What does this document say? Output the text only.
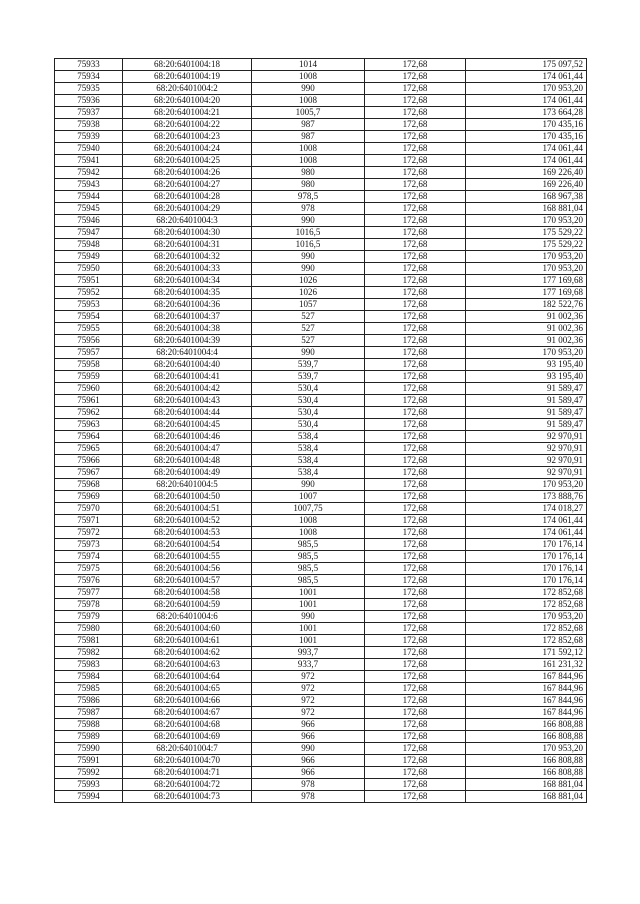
75933	68:20:6401004:18	1014	172,68	175 097,52
75934	68:20:6401004:19	1008	172,68	174 061,44
75935	68:20:6401004:2	990	172,68	170 953,20
75936	68:20:6401004:20	1008	172,68	174 061,44
75937	68:20:6401004:21	1005,7	172,68	173 664,28
75938	68:20:6401004:22	987	172,68	170 435,16
75939	68:20:6401004:23	987	172,68	170 435,16
75940	68:20:6401004:24	1008	172,68	174 061,44
75941	68:20:6401004:25	1008	172,68	174 061,44
75942	68:20:6401004:26	980	172,68	169 226,40
75943	68:20:6401004:27	980	172,68	169 226,40
75944	68:20:6401004:28	978,5	172,68	168 967,38
75945	68:20:6401004:29	978	172,68	168 881,04
75946	68:20:6401004:3	990	172,68	170 953,20
75947	68:20:6401004:30	1016,5	172,68	175 529,22
75948	68:20:6401004:31	1016,5	172,68	175 529,22
75949	68:20:6401004:32	990	172,68	170 953,20
75950	68:20:6401004:33	990	172,68	170 953,20
75951	68:20:6401004:34	1026	172,68	177 169,68
75952	68:20:6401004:35	1026	172,68	177 169,68
75953	68:20:6401004:36	1057	172,68	182 522,76
75954	68:20:6401004:37	527	172,68	91 002,36
75955	68:20:6401004:38	527	172,68	91 002,36
75956	68:20:6401004:39	527	172,68	91 002,36
75957	68:20:6401004:4	990	172,68	170 953,20
75958	68:20:6401004:40	539,7	172,68	93 195,40
75959	68:20:6401004:41	539,7	172,68	93 195,40
75960	68:20:6401004:42	530,4	172,68	91 589,47
75961	68:20:6401004:43	530,4	172,68	91 589,47
75962	68:20:6401004:44	530,4	172,68	91 589,47
75963	68:20:6401004:45	530,4	172,68	91 589,47
75964	68:20:6401004:46	538,4	172,68	92 970,91
75965	68:20:6401004:47	538,4	172,68	92 970,91
75966	68:20:6401004:48	538,4	172,68	92 970,91
75967	68:20:6401004:49	538,4	172,68	92 970,91
75968	68:20:6401004:5	990	172,68	170 953,20
75969	68:20:6401004:50	1007	172,68	173 888,76
75970	68:20:6401004:51	1007,75	172,68	174 018,27
75971	68:20:6401004:52	1008	172,68	174 061,44
75972	68:20:6401004:53	1008	172,68	174 061,44
75973	68:20:6401004:54	985,5	172,68	170 176,14
75974	68:20:6401004:55	985,5	172,68	170 176,14
75975	68:20:6401004:56	985,5	172,68	170 176,14
75976	68:20:6401004:57	985,5	172,68	170 176,14
75977	68:20:6401004:58	1001	172,68	172 852,68
75978	68:20:6401004:59	1001	172,68	172 852,68
75979	68:20:6401004:6	990	172,68	170 953,20
75980	68:20:6401004:60	1001	172,68	172 852,68
75981	68:20:6401004:61	1001	172,68	172 852,68
75982	68:20:6401004:62	993,7	172,68	171 592,12
75983	68:20:6401004:63	933,7	172,68	161 231,32
75984	68:20:6401004:64	972	172,68	167 844,96
75985	68:20:6401004:65	972	172,68	167 844,96
75986	68:20:6401004:66	972	172,68	167 844,96
75987	68:20:6401004:67	972	172,68	167 844,96
75988	68:20:6401004:68	966	172,68	166 808,88
75989	68:20:6401004:69	966	172,68	166 808,88
75990	68:20:6401004:7	990	172,68	170 953,20
75991	68:20:6401004:70	966	172,68	166 808,88
75992	68:20:6401004:71	966	172,68	166 808,88
75993	68:20:6401004:72	978	172,68	168 881,04
75994	68:20:6401004:73	978	172,68	168 881,04
